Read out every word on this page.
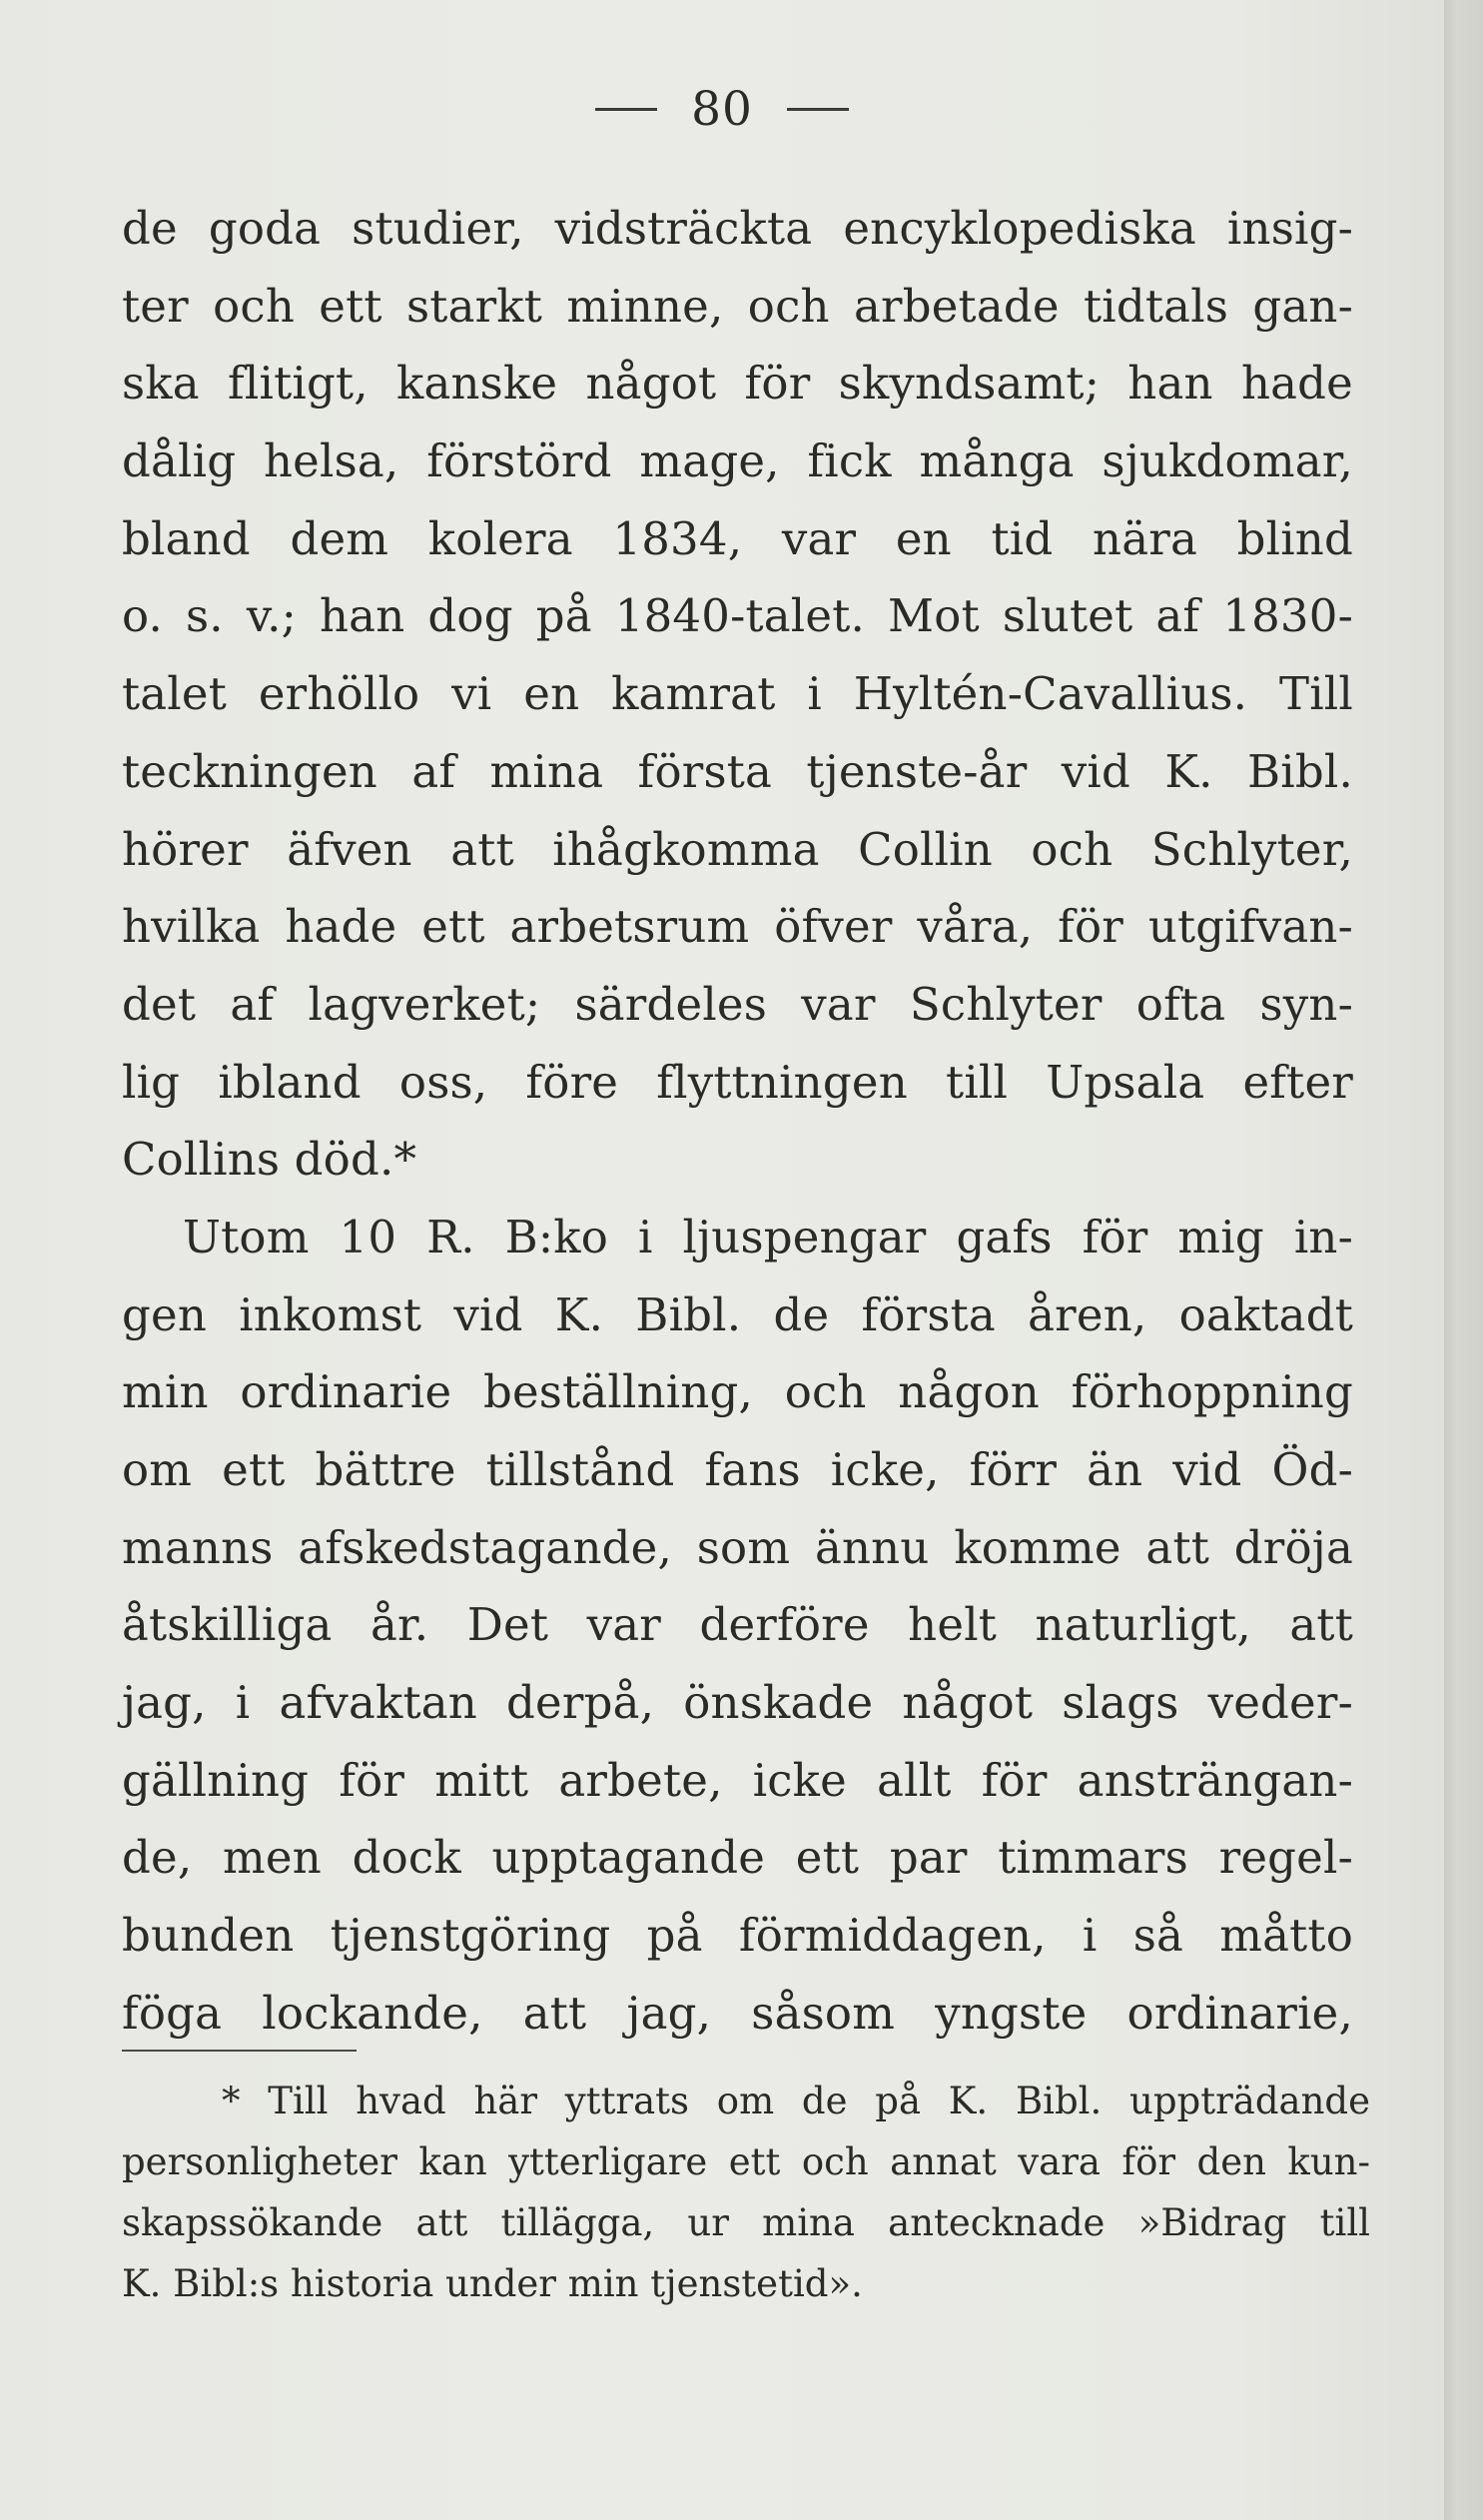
80
de goda studier, vidsträckta encyklopediska insig-
ter och ett starkt minne, och arbetade tidtals gan-
ska flitigt, kanske något för skyndsamt; han hade
dålig helsa, förstörd mage, fick många sjukdomar,
bland dem kolera 1834, var en tid nära blind
o. s. v.; han dog på 1840-talet. Mot slutet af 1830-
talet erhöllo vi en kamrat i Hyltén-Cavallius. Till
teckningen af mina första tjenste-år vid K. Bibl.
hörer äfven att ihågkomma Collin och Schlyter,
hvilka hade ett arbetsrum öfver våra, för utgifvan-
det af lagverket; särdeles var Schlyter ofta syn-
lig ibland oss, före flyttningen till Upsala efter
Collins död.*
Utom 10 R. B:ko i ljuspengar gafs för mig in-
gen inkomst vid K. Bibl. de första åren, oaktadt
min ordinarie beställning, och någon förhoppning
om ett bättre tillstånd fans icke, förr än vid Öd-
manns afskedstagande, som ännu komme att dröja
åtskilliga år. Det var derföre helt naturligt, att
jag, i afvaktan derpå, önskade något slags veder-
gällning för mitt arbete, icke allt för ansträngan-
de, men dock upptagande ett par timmars regel-
bunden tjenstgöring på förmiddagen, i så måtto
föga lockande, att jag, såsom yngste ordinarie,
* Till hvad här yttrats om de på K. Bibl. uppträdande
personligheter kan ytterligare ett och annat vara för den kun-
skapssökande att tillägga, ur mina antecknade »Bidrag till
K. Bibl:s historia under min tjenstetid».
